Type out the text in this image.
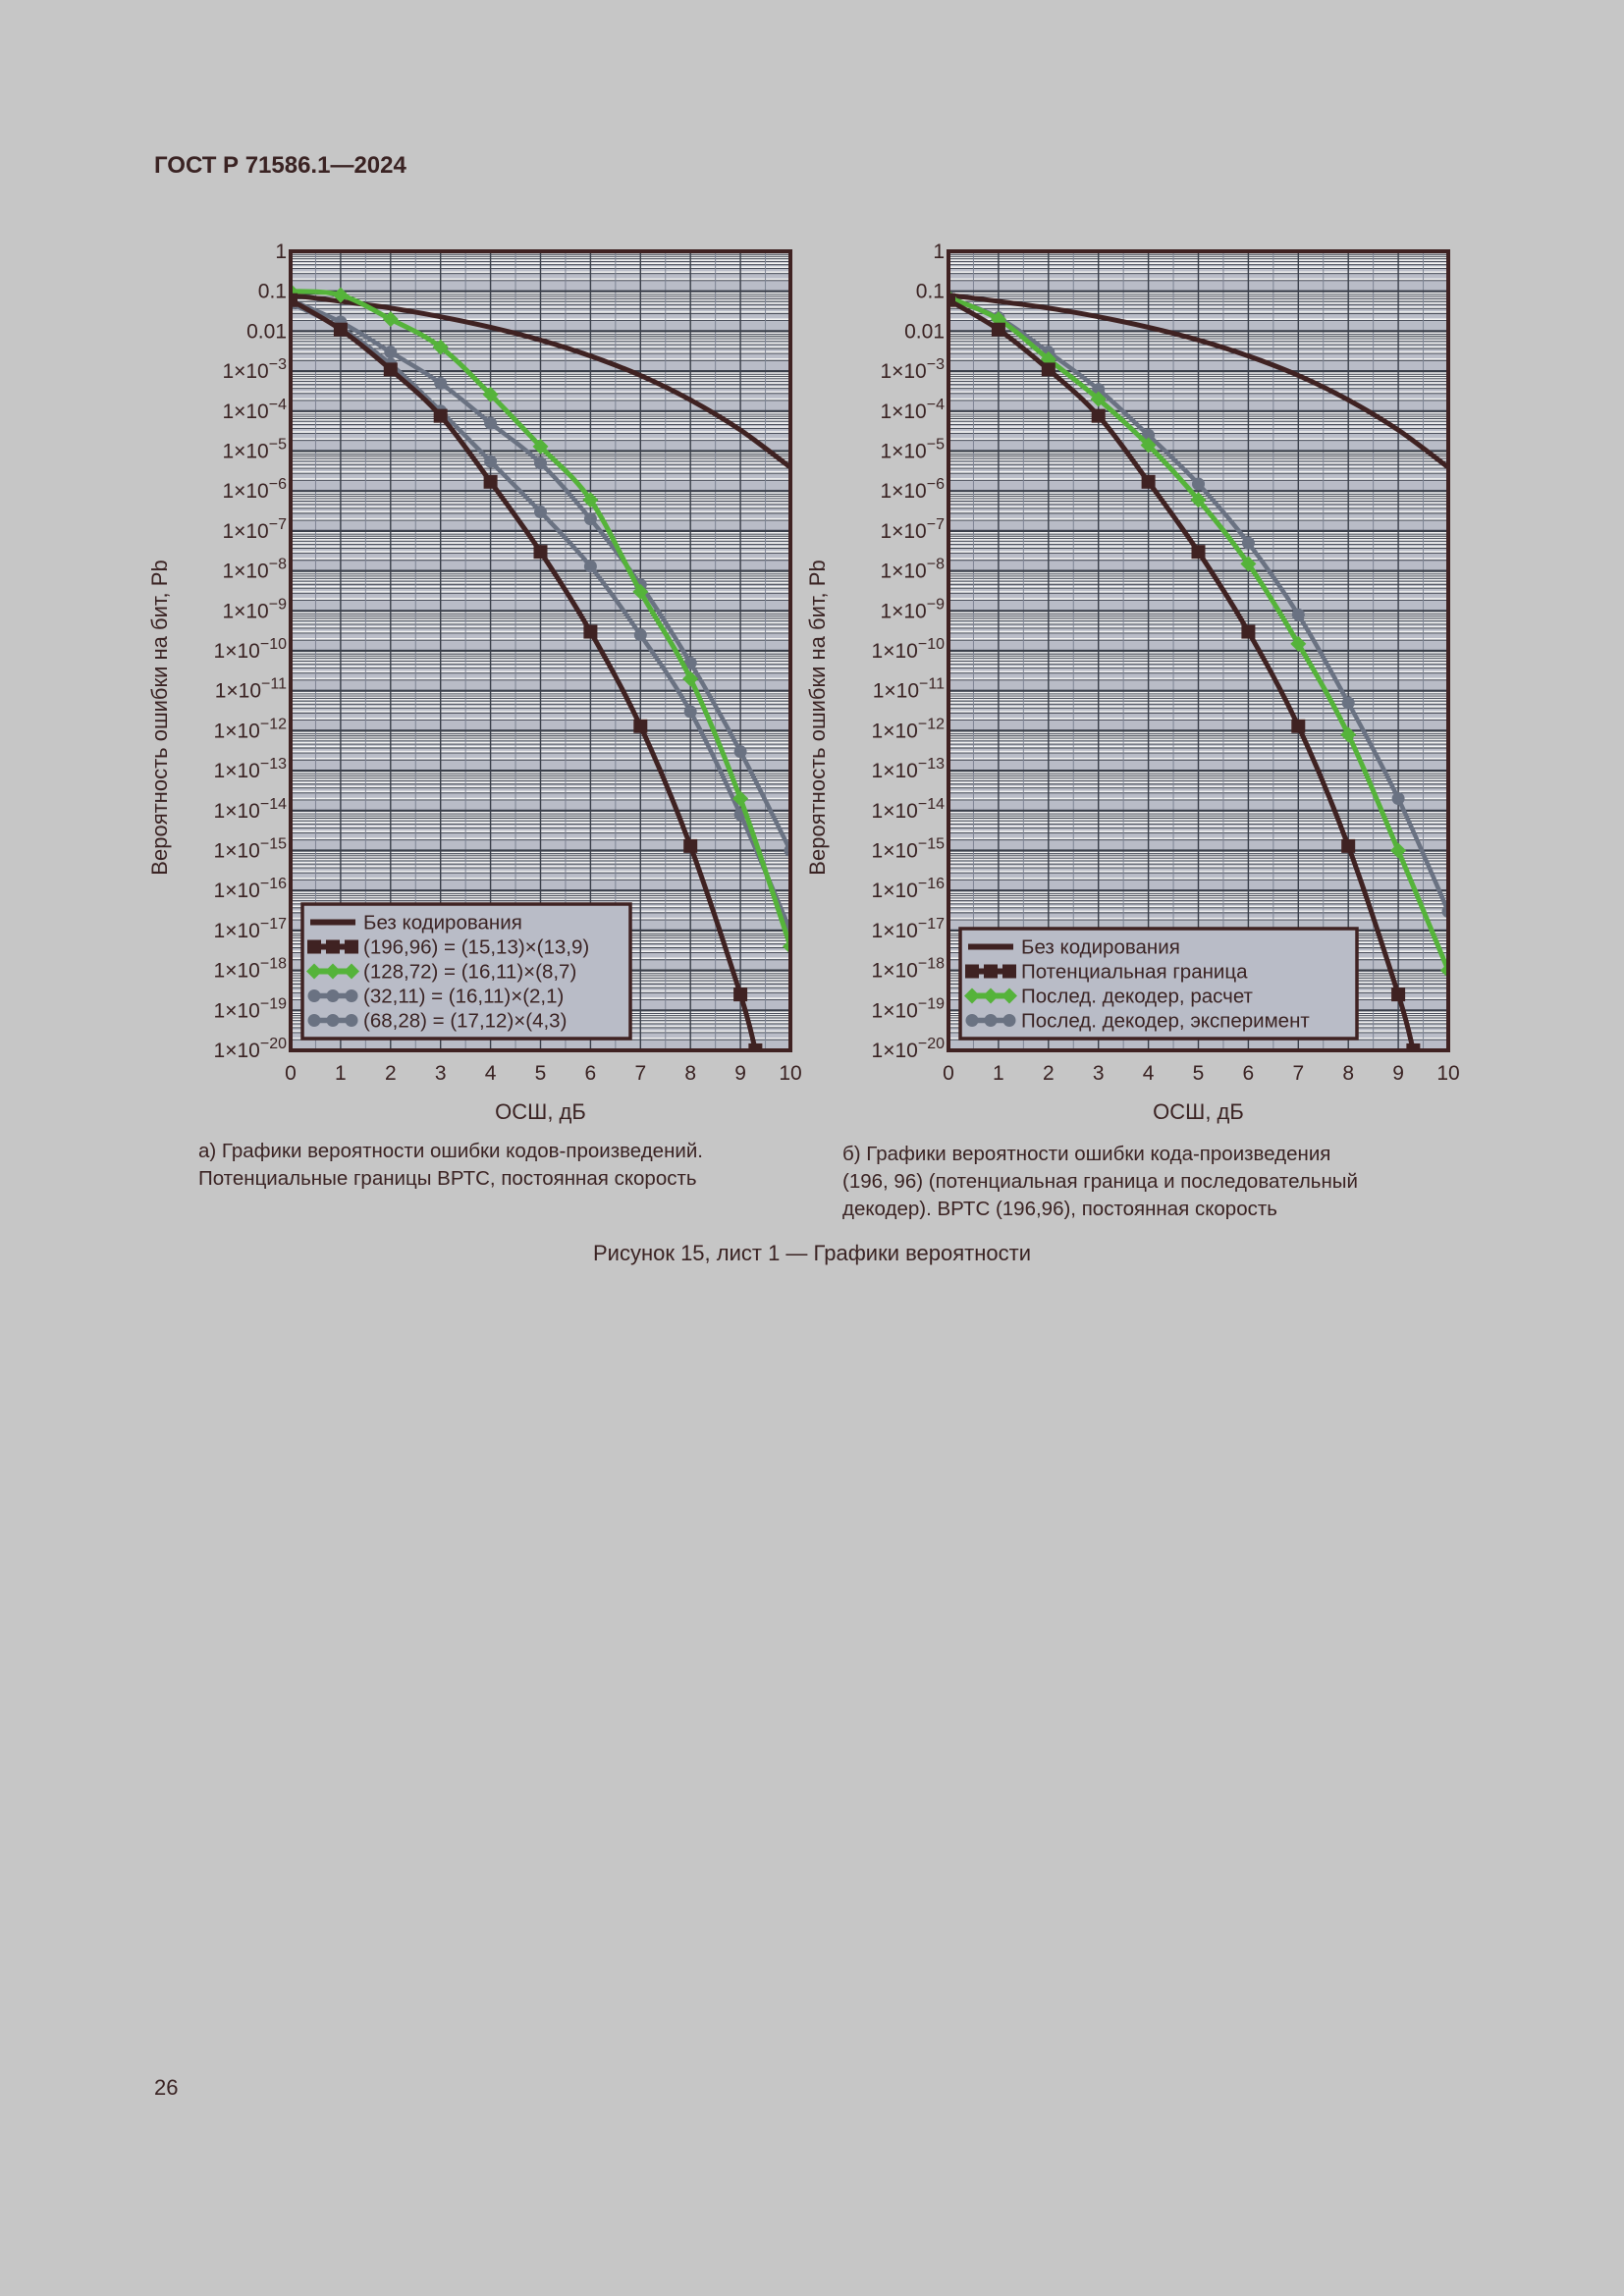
ГОСТ Р 71586.1—2024
1
0.1
0.01
$1\times 10^{-3}$
$1\times 10^{-4}$
$1\times 10^{-5}$
$1\times 10^{-6}$
$1\times 10^{-7}$
$1\times 10^{-8}$
$1\times 10^{-9}$
$1\times 10^{-10}$
$1\times 10^{-11}$
$1\times 10^{-12}$
$1\times 10^{-13}$
$1\times 10^{-14}$
$1\times 10^{-15}$
$1\times 10^{-16}$
$1\times 10^{-17}$
$1\times 10^{-18}$
$1\times 10^{-19}$
$1\times 10^{-20}$
0 1 2 3 4 5 6 7 8 9 10
ОСШ, дБ
Вероятность ошибки на бит, Pb
Без кодирования
(196,96) = (15,13)×(13,9)
(128,72) = (16,11)×(8,7)
(32,11) = (16,11)×(2,1)
(68,28) = (17,12)×(4,3)
1
0.1
0.01
$1\times 10^{-3}$
$1\times 10^{-4}$
$1\times 10^{-5}$
$1\times 10^{-6}$
$1\times 10^{-7}$
$1\times 10^{-8}$
$1\times 10^{-9}$
$1\times 10^{-10}$
$1\times 10^{-11}$
$1\times 10^{-12}$
$1\times 10^{-13}$
$1\times 10^{-14}$
$1\times 10^{-15}$
$1\times 10^{-16}$
$1\times 10^{-17}$
$1\times 10^{-18}$
$1\times 10^{-19}$
$1\times 10^{-20}$
0 1 2 3 4 5 6 7 8 9 10
ОСШ, дБ
Вероятность ошибки на бит, Pb
Без кодирования
Потенциальная граница
Послед. декодер, расчет
Послед. декодер, эксперимент
а) Графики вероятности ошибки кодов-произведений.
Потенциальные границы ВРТС, постоянная скорость
б) Графики вероятности ошибки кода-произведения
(196, 96) (потенциальная граница и последовательный
декодер). ВРТС (196,96), постоянная скорость
Рисунок 15, лист 1 — Графики вероятности
26
